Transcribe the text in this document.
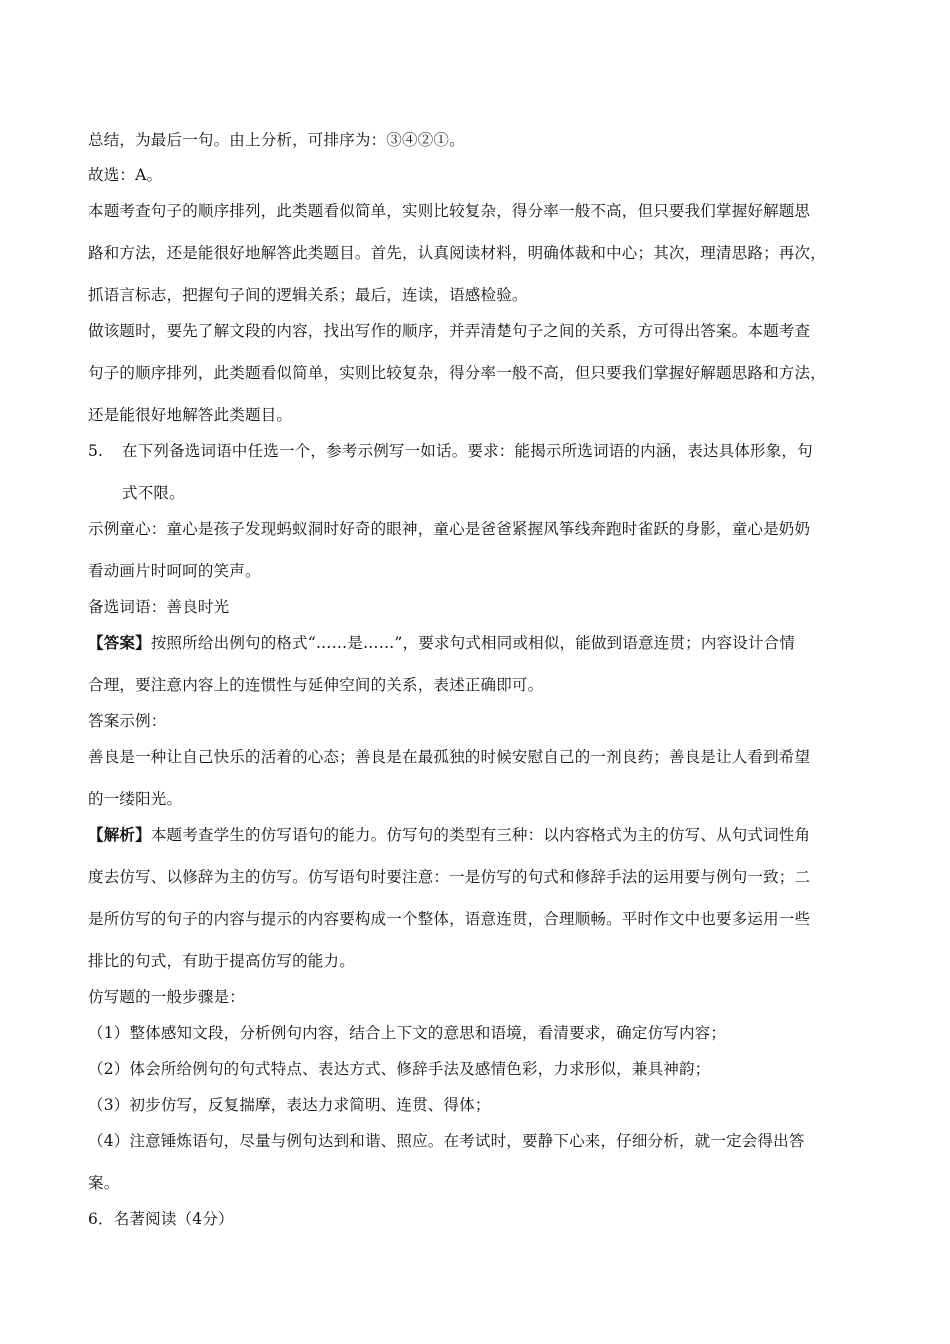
总结，为最后一句。由上分析，可排序为：③④②①。
故选：A。
本题考查句子的顺序排列，此类题看似简单，实则比较复杂，得分率一般不高，但只要我们掌握好解题思
路和方法，还是能很好地解答此类题目。首先，认真阅读材料，明确体裁和中心；其次，理清思路；再次，
抓语言标志，把握句子间的逻辑关系；最后，连读，语感检验。
做该题时，要先了解文段的内容，找出写作的顺序，并弄清楚句子之间的关系，方可得出答案。本题考查
句子的顺序排列，此类题看似简单，实则比较复杂，得分率一般不高，但只要我们掌握好解题思路和方法，
还是能很好地解答此类题目。
5. 在下列备选词语中任选一个，参考示例写一如话。要求：能揭示所选词语的内涵，表达具体形象，句
式不限。
示例童心：童心是孩子发现蚂蚁洞时好奇的眼神，童心是爸爸紧握风筝线奔跑时雀跃的身影，童心是奶奶
看动画片时呵呵的笑声。
备选词语：善良时光
【答案】按照所给出例句的格式“……是……”，要求句式相同或相似，能做到语意连贯；内容设计合情
合理，要注意内容上的连惯性与延伸空间的关系，表述正确即可。
答案示例：
善良是一种让自己快乐的活着的心态；善良是在最孤独的时候安慰自己的一剂良药；善良是让人看到希望
的一缕阳光。
【解析】本题考查学生的仿写语句的能力。仿写句的类型有三种：以内容格式为主的仿写、从句式词性角
度去仿写、以修辞为主的仿写。仿写语句时要注意：一是仿写的句式和修辞手法的运用要与例句一致；二
是所仿写的句子的内容与提示的内容要构成一个整体，语意连贯，合理顺畅。平时作文中也要多运用一些
排比的句式，有助于提高仿写的能力。
仿写题的一般步骤是：
（1）整体感知文段，分析例句内容，结合上下文的意思和语境，看清要求，确定仿写内容；
（2）体会所给例句的句式特点、表达方式、修辞手法及感情色彩，力求形似，兼具神韵；
（3）初步仿写，反复揣摩，表达力求简明、连贯、得体；
（4）注意锤炼语句，尽量与例句达到和谐、照应。在考试时，要静下心来，仔细分析，就一定会得出答
案。
6．名著阅读（4分）
